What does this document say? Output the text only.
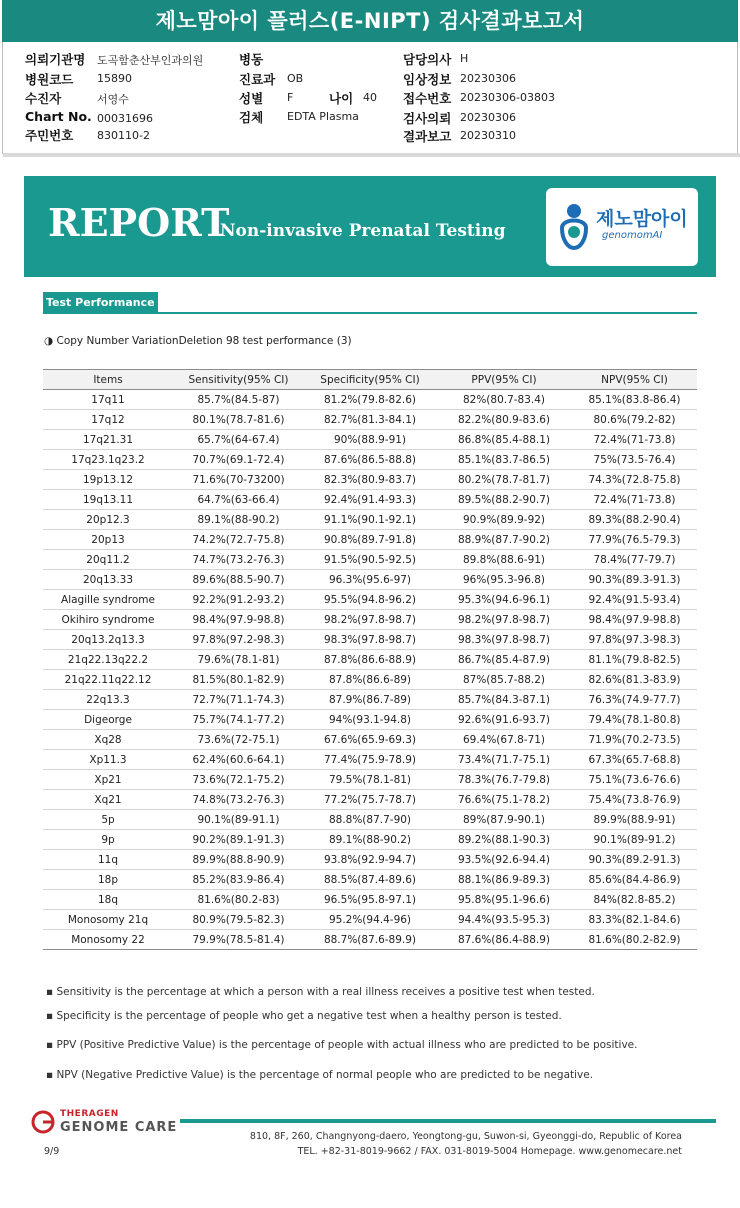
제노맘아이 플러스(E-NIPT) 검사결과보고서
의뢰기관명 도곡함춘산부인과의원
병원코드 15890
수진자	서영수
Chart No. 00031696
주민번호 830110-2
병동
진료과 OB
성별 F
검체 EDTA Plasma
나이 40
담당의사 H
임상정보 20230306
접수번호 20230306-03803
검사의뢰 20230306
결과보고 20230310
REPORT
Non-invasive Prenatal Testing
제노맘아이
genomomAI
Test Performance
◑ Copy Number VariationDeletion 98 test performance (3)
Items	Sensitivity(95% CI)	Specificity(95% CI)	PPV(95% CI)	NPV(95% CI)
17q11	85.7%(84.5-87)	81.2%(79.8-82.6)	82%(80.7-83.4)	85.1%(83.8-86.4)
17q12	80.1%(78.7-81.6)	82.7%(81.3-84.1)	82.2%(80.9-83.6)	80.6%(79.2-82)
17q21.31	65.7%(64-67.4)	90%(88.9-91)	86.8%(85.4-88.1)	72.4%(71-73.8)
17q23.1q23.2	70.7%(69.1-72.4)	87.6%(86.5-88.8)	85.1%(83.7-86.5)	75%(73.5-76.4)
19p13.12	71.6%(70-73200)	82.3%(80.9-83.7)	80.2%(78.7-81.7)	74.3%(72.8-75.8)
19q13.11	64.7%(63-66.4)	92.4%(91.4-93.3)	89.5%(88.2-90.7)	72.4%(71-73.8)
20p12.3	89.1%(88-90.2)	91.1%(90.1-92.1)	90.9%(89.9-92)	89.3%(88.2-90.4)
20p13	74.2%(72.7-75.8)	90.8%(89.7-91.8)	88.9%(87.7-90.2)	77.9%(76.5-79.3)
20q11.2	74.7%(73.2-76.3)	91.5%(90.5-92.5)	89.8%(88.6-91)	78.4%(77-79.7)
20q13.33	89.6%(88.5-90.7)	96.3%(95.6-97)	96%(95.3-96.8)	90.3%(89.3-91.3)
Alagille syndrome	92.2%(91.2-93.2)	95.5%(94.8-96.2)	95.3%(94.6-96.1)	92.4%(91.5-93.4)
Okihiro syndrome	98.4%(97.9-98.8)	98.2%(97.8-98.7)	98.2%(97.8-98.7)	98.4%(97.9-98.8)
20q13.2q13.3	97.8%(97.2-98.3)	98.3%(97.8-98.7)	98.3%(97.8-98.7)	97.8%(97.3-98.3)
21q22.13q22.2	79.6%(78.1-81)	87.8%(86.6-88.9)	86.7%(85.4-87.9)	81.1%(79.8-82.5)
21q22.11q22.12	81.5%(80.1-82.9)	87.8%(86.6-89)	87%(85.7-88.2)	82.6%(81.3-83.9)
22q13.3	72.7%(71.1-74.3)	87.9%(86.7-89)	85.7%(84.3-87.1)	76.3%(74.9-77.7)
Digeorge	75.7%(74.1-77.2)	94%(93.1-94.8)	92.6%(91.6-93.7)	79.4%(78.1-80.8)
Xq28	73.6%(72-75.1)	67.6%(65.9-69.3)	69.4%(67.8-71)	71.9%(70.2-73.5)
Xp11.3	62.4%(60.6-64.1)	77.4%(75.9-78.9)	73.4%(71.7-75.1)	67.3%(65.7-68.8)
Xp21	73.6%(72.1-75.2)	79.5%(78.1-81)	78.3%(76.7-79.8)	75.1%(73.6-76.6)
Xq21	74.8%(73.2-76.3)	77.2%(75.7-78.7)	76.6%(75.1-78.2)	75.4%(73.8-76.9)
5p	90.1%(89-91.1)	88.8%(87.7-90)	89%(87.9-90.1)	89.9%(88.9-91)
9p	90.2%(89.1-91.3)	89.1%(88-90.2)	89.2%(88.1-90.3)	90.1%(89-91.2)
11q	89.9%(88.8-90.9)	93.8%(92.9-94.7)	93.5%(92.6-94.4)	90.3%(89.2-91.3)
18p	85.2%(83.9-86.4)	88.5%(87.4-89.6)	88.1%(86.9-89.3)	85.6%(84.4-86.9)
18q	81.6%(80.2-83)	96.5%(95.8-97.1)	95.8%(95.1-96.6)	84%(82.8-85.2)
Monosomy 21q	80.9%(79.5-82.3)	95.2%(94.4-96)	94.4%(93.5-95.3)	83.3%(82.1-84.6)
Monosomy 22	79.9%(78.5-81.4)	88.7%(87.6-89.9)	87.6%(86.4-88.9)	81.6%(80.2-82.9)
▪ Sensitivity is the percentage at which a person with a real illness receives a positive test when tested.
▪ Specificity is the percentage of people who get a negative test when a healthy person is tested.
▪ PPV (Positive Predictive Value) is the percentage of people with actual illness who are predicted to be positive.
▪ NPV (Negative Predictive Value) is the percentage of normal people who are predicted to be negative.
THERAGEN
GENOME CARE
810, 8F, 260, Changnyong-daero, Yeongtong-gu, Suwon-si, Gyeonggi-do, Republic of Korea
TEL. +82-31-8019-9662 / FAX. 031-8019-5004 Homepage. www.genomecare.net
9/9
